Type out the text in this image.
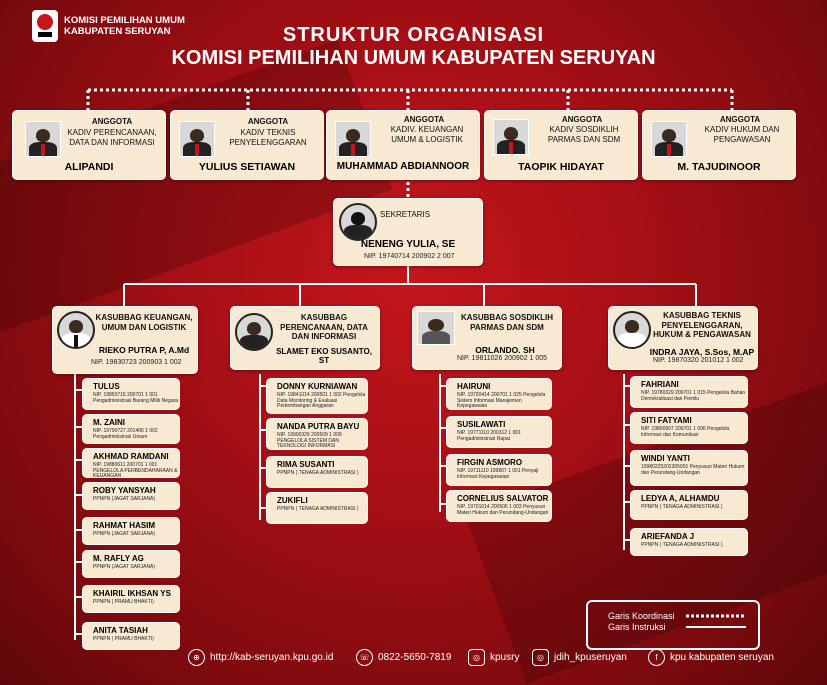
KOMISI PEMILIHAN UMUM
KABUPATEN SERUYAN	STRUKTUR ORGANISASI
KOMISI PEMILIHAN UMUM KABUPATEN SERUYAN
ANGGOTA
KADIV PERENCANAAN, DATA DAN INFORMASI
ALIPANDI
ANGGOTA
KADIV TEKNIS PENYELENGGARAN
YULIUS SETIAWAN
ANGGOTA
KADIV. KEUANGAN UMUM & LOGISTIK
MUHAMMAD ABDIANNOOR
ANGGOTA
KADIV SOSDIKLIH PARMAS DAN SDM
TAOPIK HIDAYAT
ANGGOTA
KADIV HUKUM DAN PENGAWASAN
M. TAJUDINOOR
SEKRETARIS
NENENG YULIA, SE
NIP. 19740714 200902 2 007
KASUBBAG KEUANGAN, UMUM DAN LOGISTIK
RIEKO PUTRA P, A.Md
NIP. 19830723 200903 1 002
KASUBBAG PERENCANAAN, DATA DAN INFORMASI
SLAMET EKO SUSANTO, ST
KASUBBAG SOSDIKLIH PARMAS DAN SDM
ORLANDO. SH
NIP. 19811026 200902 1 005
KASUBBAG TEKNIS PENYELENGGARAN, HUKUM & PENGAWASAN
INDRA JAYA, S.Sos, M.AP
NIP. 19870320 201012 1 002
TULUS
NIP. 19850716 200701 1 001 Pengadministrasi Barang Milik Negara
M. ZAINI
NIP. 19790727 201406 1 002 Pengadministrasi Umum
AKHMAD RAMDANI
NIP. 19880611 200701 1 001 PENGELOLA PERBENDAHARAAN & KEUANGAN
ROBY YANSYAH
PPNPN (JAGAT SARJANA)
RAHMAT HASIM
PPNPN (JAGAT SARJANA)
M. RAFLY AG
PPNPN (JAGAT SARJANA)
KHAIRIL IKHSAN YS
PPNPN ( PRAMU BHAKTI)
ANITA TASIAH
PPNPN ( PRAMU BHAKTI)
DONNY KURNIAWAN
NIP. 19841014 200501 1 002 Pengelola Data Monitoring & Evaluasi Perkembangan Anggaran
NANDA PUTRA BAYU
NIP. 19900329 200509 1 009 PENGELOLA SISTEM DAN TEKNOLOGI INFORMASI
RIMA SUSANTI
PPNPN ( TENAGA ADMINISTRASI )
ZUKIFLI
PPNPN ( TENAGA ADMINISTRASI )
HAIRUNI
NIP. 19720414 200701 1 025 Pengelola Sistem Informasi Manajemen Kepegawaian
SUSILAWATI
NIP. 19771110 200312 1 001 Pengadministrasi Rapat
FIRGIN ASMORO
NIP. 19711110 199807 1 001 Penyaji Informasi Kepegawaian
CORNELIUS SALVATOR
NIP. 19701014 200506 1 003 Penyusun Materi Hukum dan Perundang-Undangan
FAHRIANI
NIP. 19780329 200701 1 015 Pengelola Bahan Demokratisasi dan Pemilu
SITI FATYAMI
NIP. 19800907 200701 1 006 Pengelola Informasi dan Komunikasi
WINDI YANTI
19980225202305001 Penyusun Materi Hukum dan Perundang-Undangan
LEDYA A, ALHAMDU
PPNPN ( TENAGA ADMINISTRASI )
ARIEFANDA J
PPNPN ( TENAGA ADMINISTRASI )
Garis Koordinasi
Garis Instruksi
⊕ http://kab-seruyan.kpu.go.id	☏ 0822-5650-7819	◎ kpusry	◎ jdih_kpuseruyan	f kpu kabupaten seruyan
